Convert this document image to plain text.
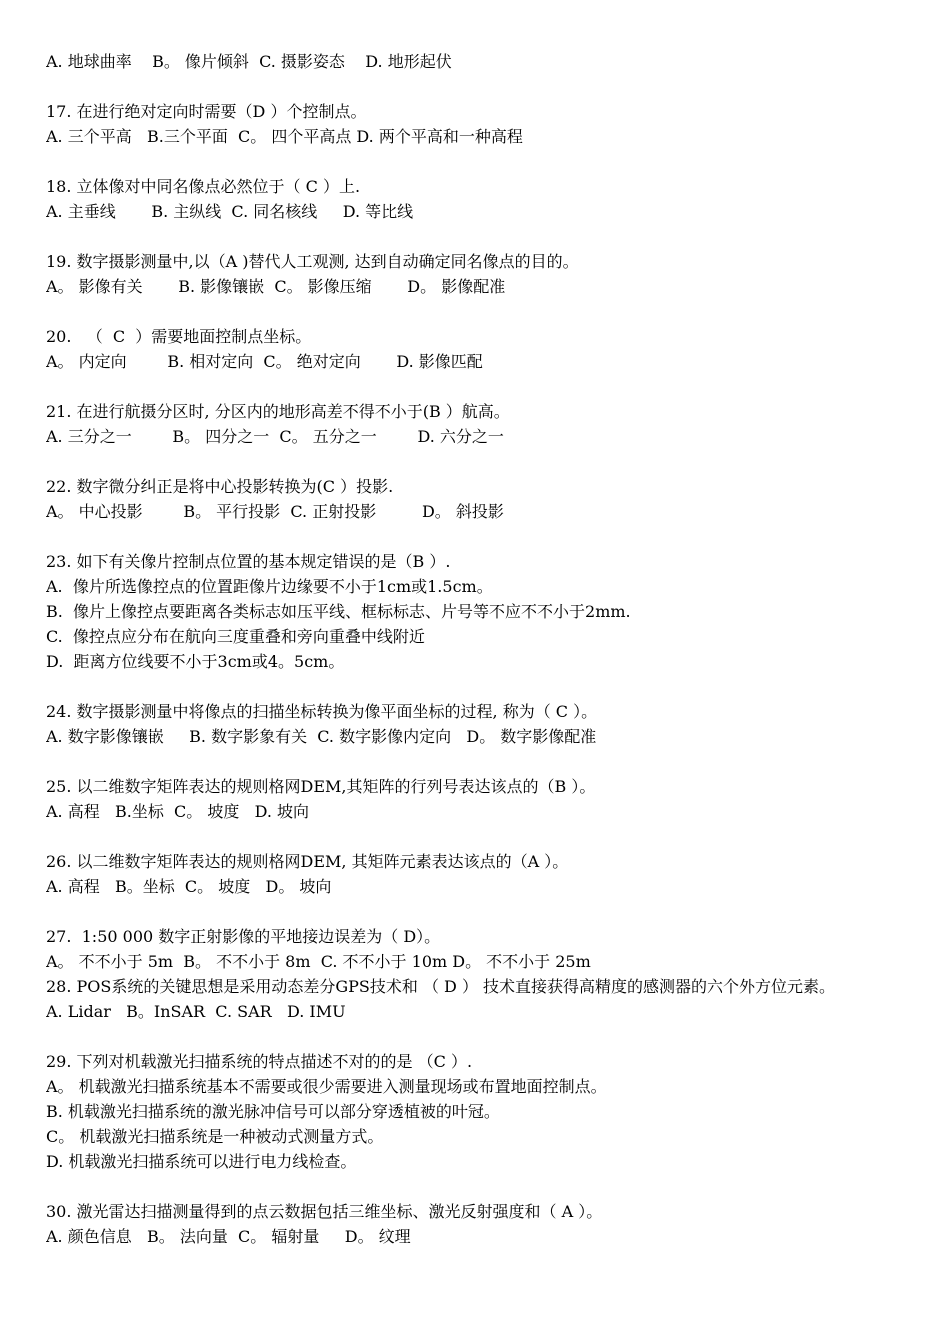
A. 地球曲率    B。 像片倾斜  C. 摄影姿态    D. 地形起伏
17. 在进行绝对定向时需要（D ）个控制点。
A. 三个平高   B.三个平面  C。 四个平高点 D. 两个平高和一种高程
18. 立体像对中同名像点必然位于（ C ）上.
A. 主垂线       B. 主纵线  C. 同名核线     D. 等比线
19. 数字摄影测量中,以（A )替代人工观测, 达到自动确定同名像点的目的。
A。 影像有关       B. 影像镶嵌  C。 影像压缩       D。 影像配准
20.   （  C  ）需要地面控制点坐标。
A。 内定向        B. 相对定向  C。 绝对定向       D. 影像匹配
21. 在进行航摄分区时, 分区内的地形高差不得不小于(B ）航高。
A. 三分之一        B。 四分之一  C。 五分之一        D. 六分之一
22. 数字微分纠正是将中心投影转换为(C ）投影.
A。 中心投影        B。 平行投影  C. 正射投影         D。 斜投影
23. 如下有关像片控制点位置的基本规定错误的是（B ）.
A.  像片所选像控点的位置距像片边缘要不小于1cm或1.5cm。
B.  像片上像控点要距离各类标志如压平线、框标标志、片号等不应不不小于2mm.
C.  像控点应分布在航向三度重叠和旁向重叠中线附近
D.  距离方位线要不小于3cm或4。5cm。
24. 数字摄影测量中将像点的扫描坐标转换为像平面坐标的过程, 称为（ C ）。
A. 数字影像镶嵌     B. 数字影象有关  C. 数字影像内定向   D。 数字影像配准
25. 以二维数字矩阵表达的规则格网DEM,其矩阵的行列号表达该点的（B ）。
A. 高程   B.坐标  C。 坡度   D. 坡向
26. 以二维数字矩阵表达的规则格网DEM, 其矩阵元素表达该点的（A ）。
A. 高程   B。坐标  C。 坡度   D。 坡向
27.  1:50 000 数字正射影像的平地接边误差为（ D）。
A。 不不小于 5m  B。 不不小于 8m  C. 不不小于 10m D。 不不小于 25m
28. POS系统的关键思想是采用动态差分GPS技术和 （ D ） 技术直接获得高精度的感测器的六个外方位元素。
A. Lidar   B。InSAR  C. SAR   D. IMU
29. 下列对机载激光扫描系统的特点描述不对的的是 （C ）.
A。 机载激光扫描系统基本不需要或很少需要进入测量现场或布置地面控制点。
B. 机载激光扫描系统的激光脉冲信号可以部分穿透植被的叶冠。
C。 机载激光扫描系统是一种被动式测量方式。
D. 机载激光扫描系统可以进行电力线检查。
30. 激光雷达扫描测量得到的点云数据包括三维坐标、激光反射强度和（ A ）。
A. 颜色信息   B。 法向量  C。 辐射量     D。 纹理
